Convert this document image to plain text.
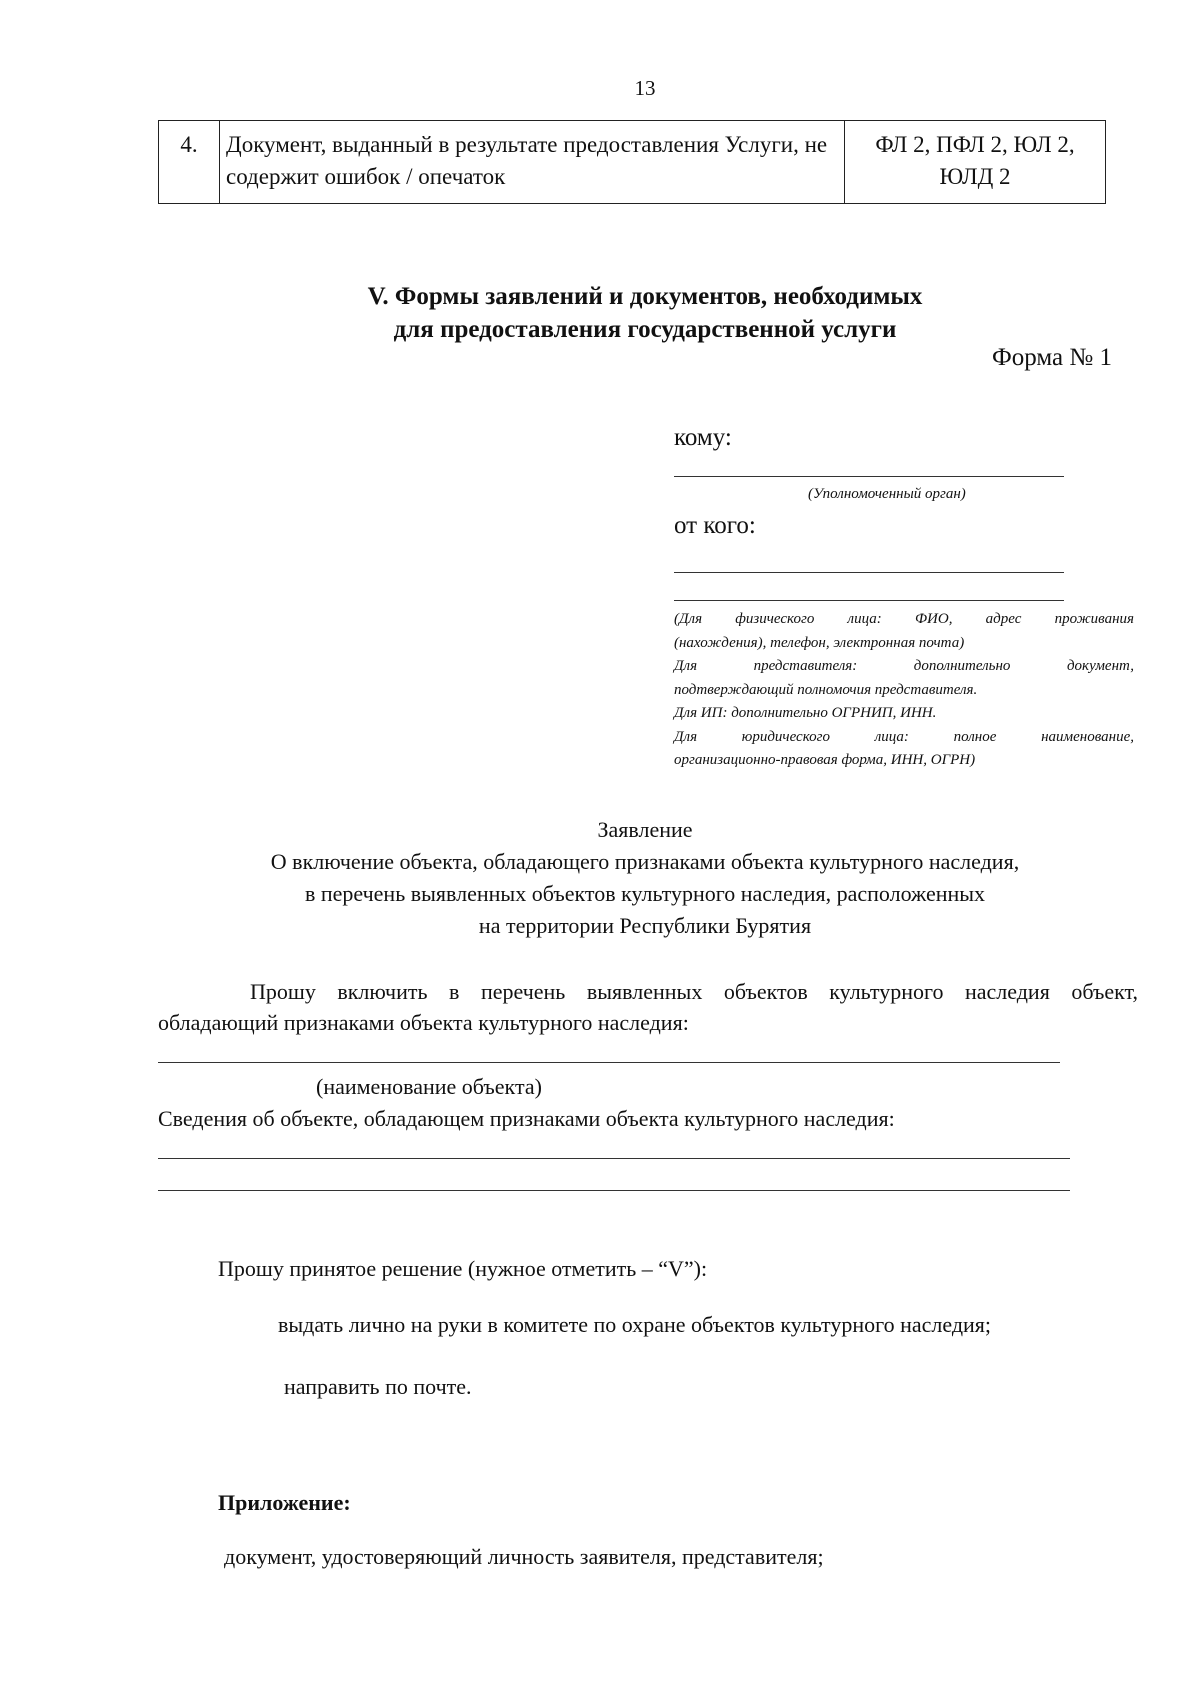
13
4.	Документ, выданный в результате предоставления Услуги, не содержит ошибок / опечаток	ФЛ 2, ПФЛ 2, ЮЛ 2, ЮЛД 2
V. Формы заявлений и документов, необходимых
для предоставления государственной услуги
Форма № 1
кому:
(Уполномоченный орган)
от кого:

(Для физического лица: ФИО, адрес проживания

(нахождения), телефон, электронная почта)

Для представителя: дополнительно документ,

подтверждающий полномочия представителя.

Для ИП: дополнительно ОГРНИП, ИНН.

Для юридического лица: полное наименование,

организационно-правовая форма, ИНН, ОГРН)

Заявление
О включение объекта, обладающего признаками объекта культурного наследия,
в перечень выявленных объектов культурного наследия, расположенных
на территории Республики Бурятия
Прошу включить в перечень выявленных объектов культурного наследия объект,
обладающий признаками объекта культурного наследия:
(наименование объекта)
Сведения об объекте, обладающем признаками объекта культурного наследия:
Прошу принятое решение (нужное отметить – “V”):
выдать лично на руки в комитете по охране объектов культурного наследия;
направить по почте.
Приложение:
документ, удостоверяющий личность заявителя, представителя;
